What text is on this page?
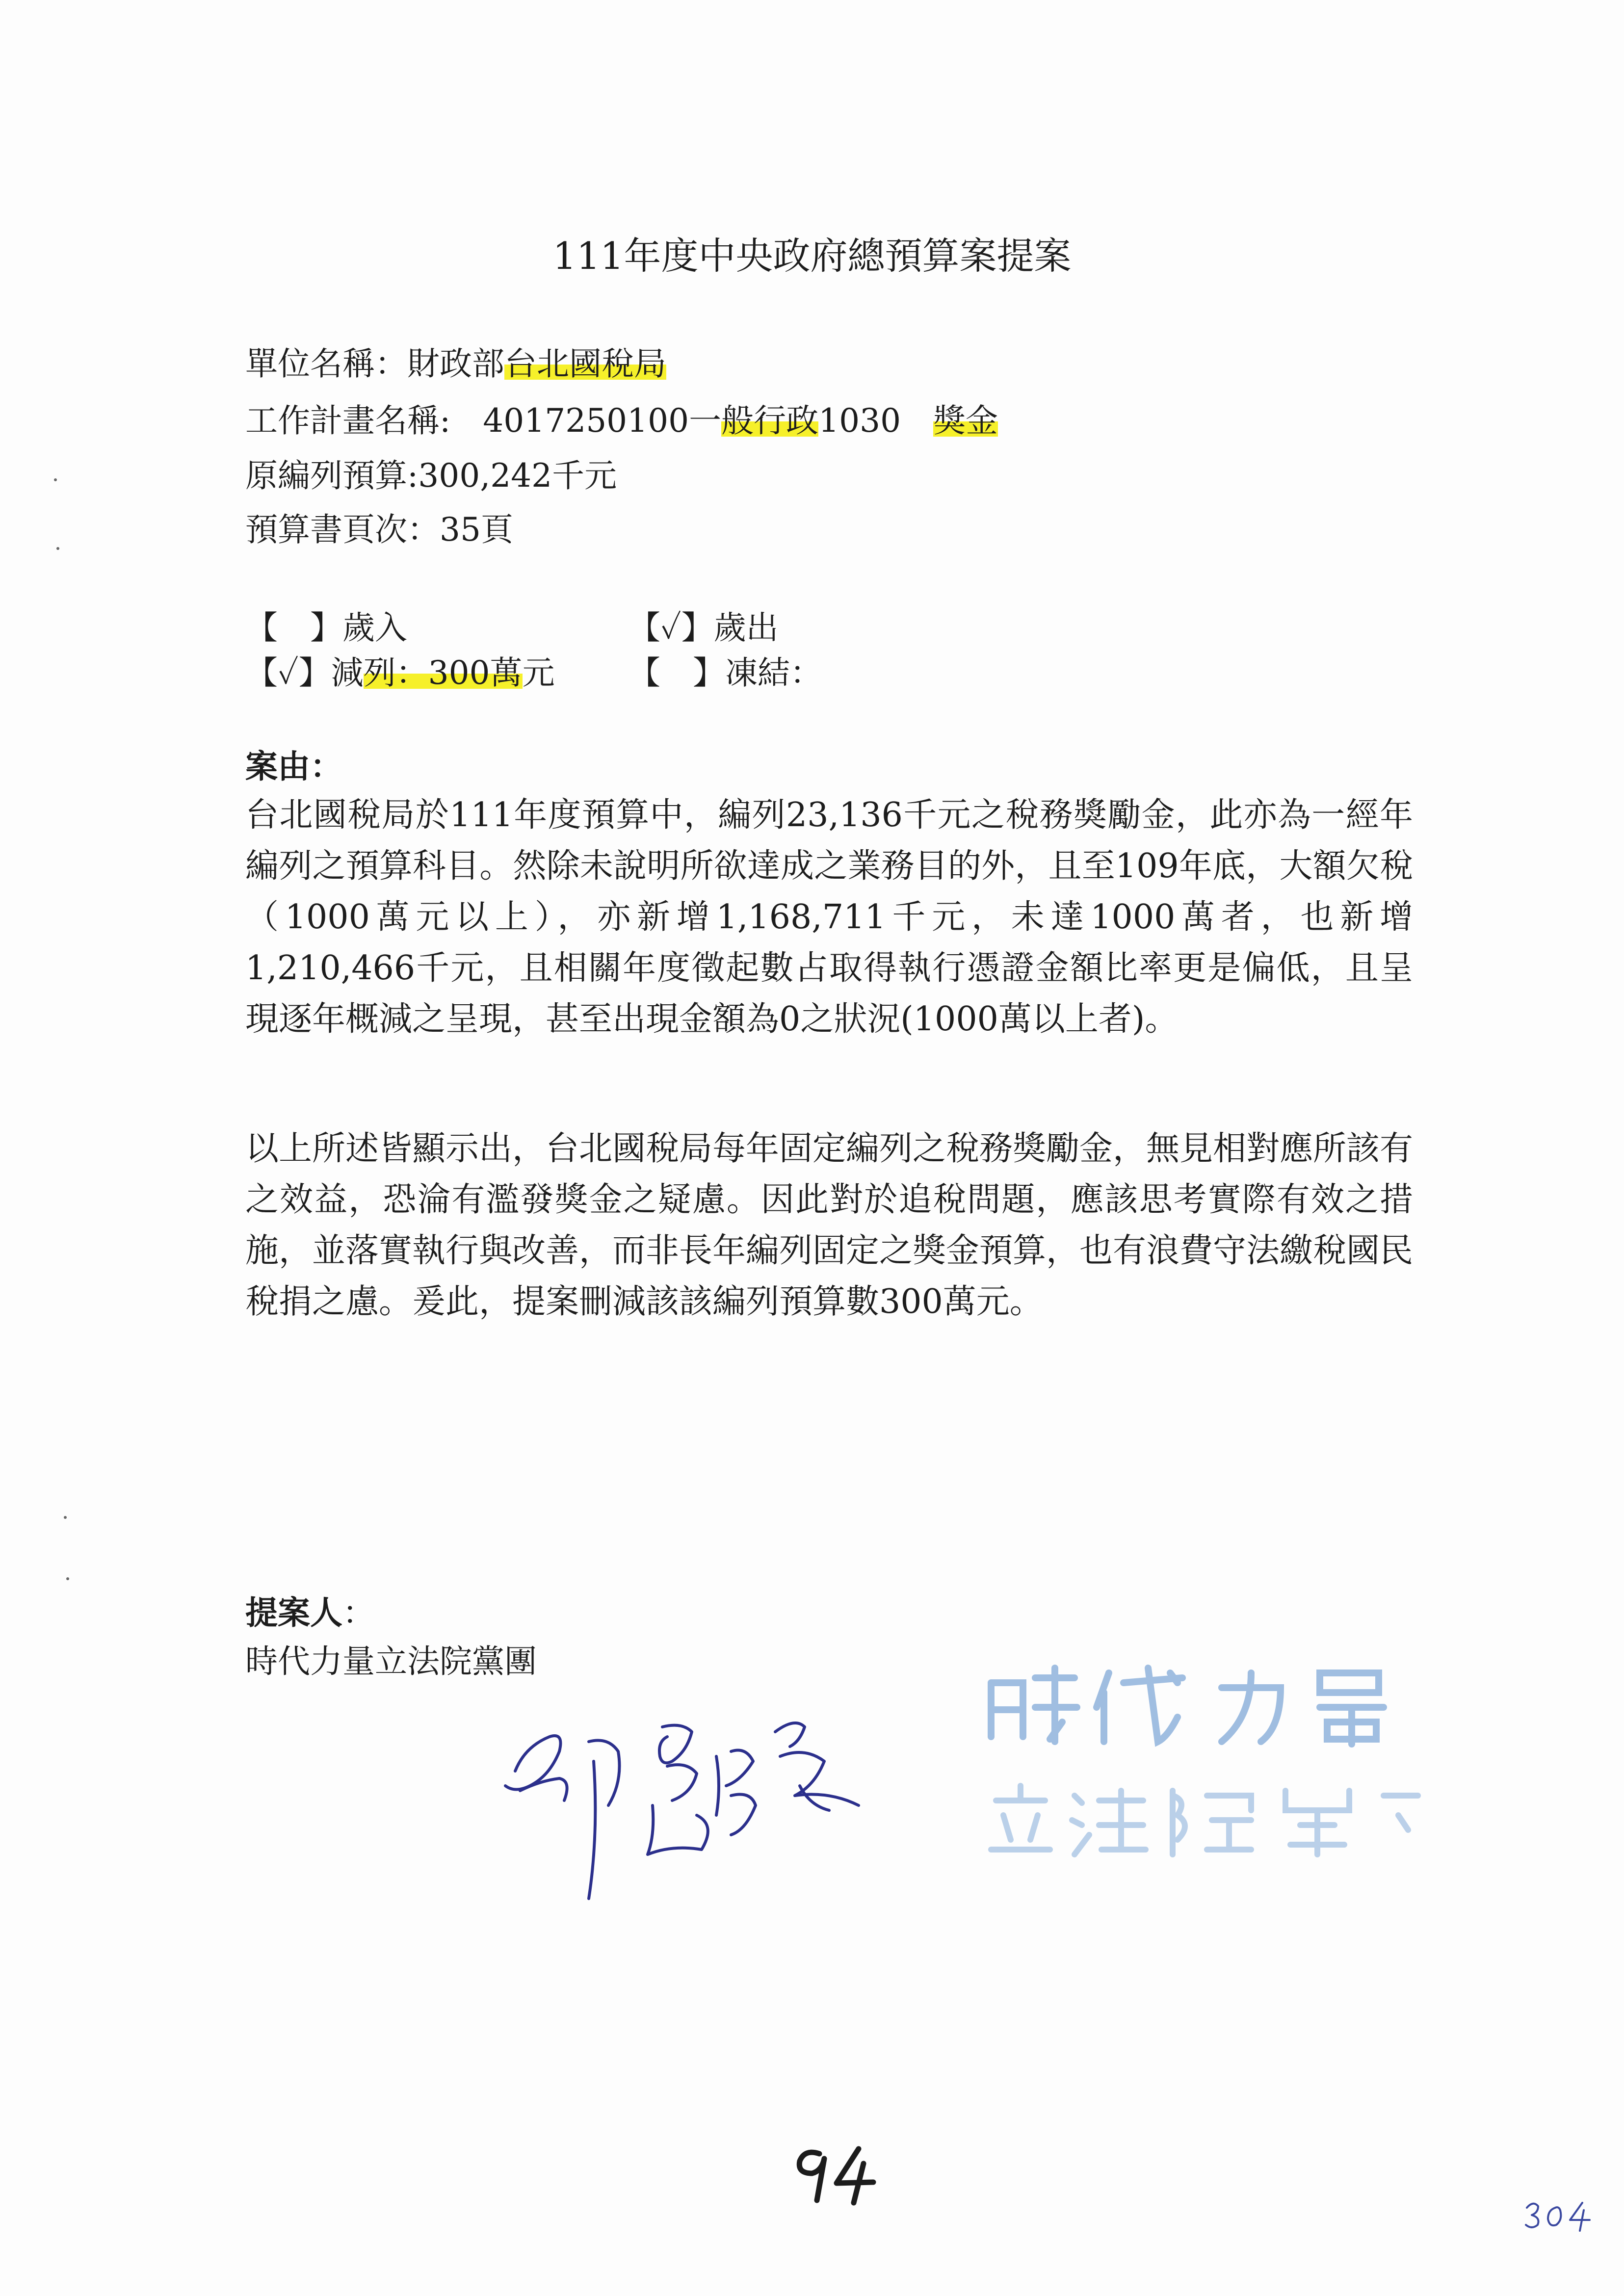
111年度中央政府總預算案提案
單位名稱：財政部台北國稅局
工作計畫名稱:　4017250100一般行政1030　獎金
原編列預算:300,242千元
預算書頁次：35頁
【　】歲入	【✓】歲出
【✓】減列：300萬元 【　】凍結：
案由：
台北國稅局於111年度預算中，編列23,136千元之稅務獎勵金，此亦為一經年編列之預算科目。然除未說明所欲達成之業務目的外，且至109年底，大額欠稅（1000萬元以上），亦新增1,168,711千元，未達1000萬者，也新增1,210,466千元，且相關年度徵起數占取得執行憑證金額比率更是偏低，且呈現逐年概減之呈現，甚至出現金額為0之狀況(1000萬以上者)。
以上所述皆顯示出，台北國稅局每年固定編列之稅務獎勵金，無見相對應所該有之效益，恐淪有濫發獎金之疑慮。因此對於追稅問題，應該思考實際有效之措施，並落實執行與改善，而非長年編列固定之獎金預算，也有浪費守法繳稅國民稅捐之慮。爰此，提案刪減該該編列預算數300萬元。
提案人：
時代力量立法院黨團
